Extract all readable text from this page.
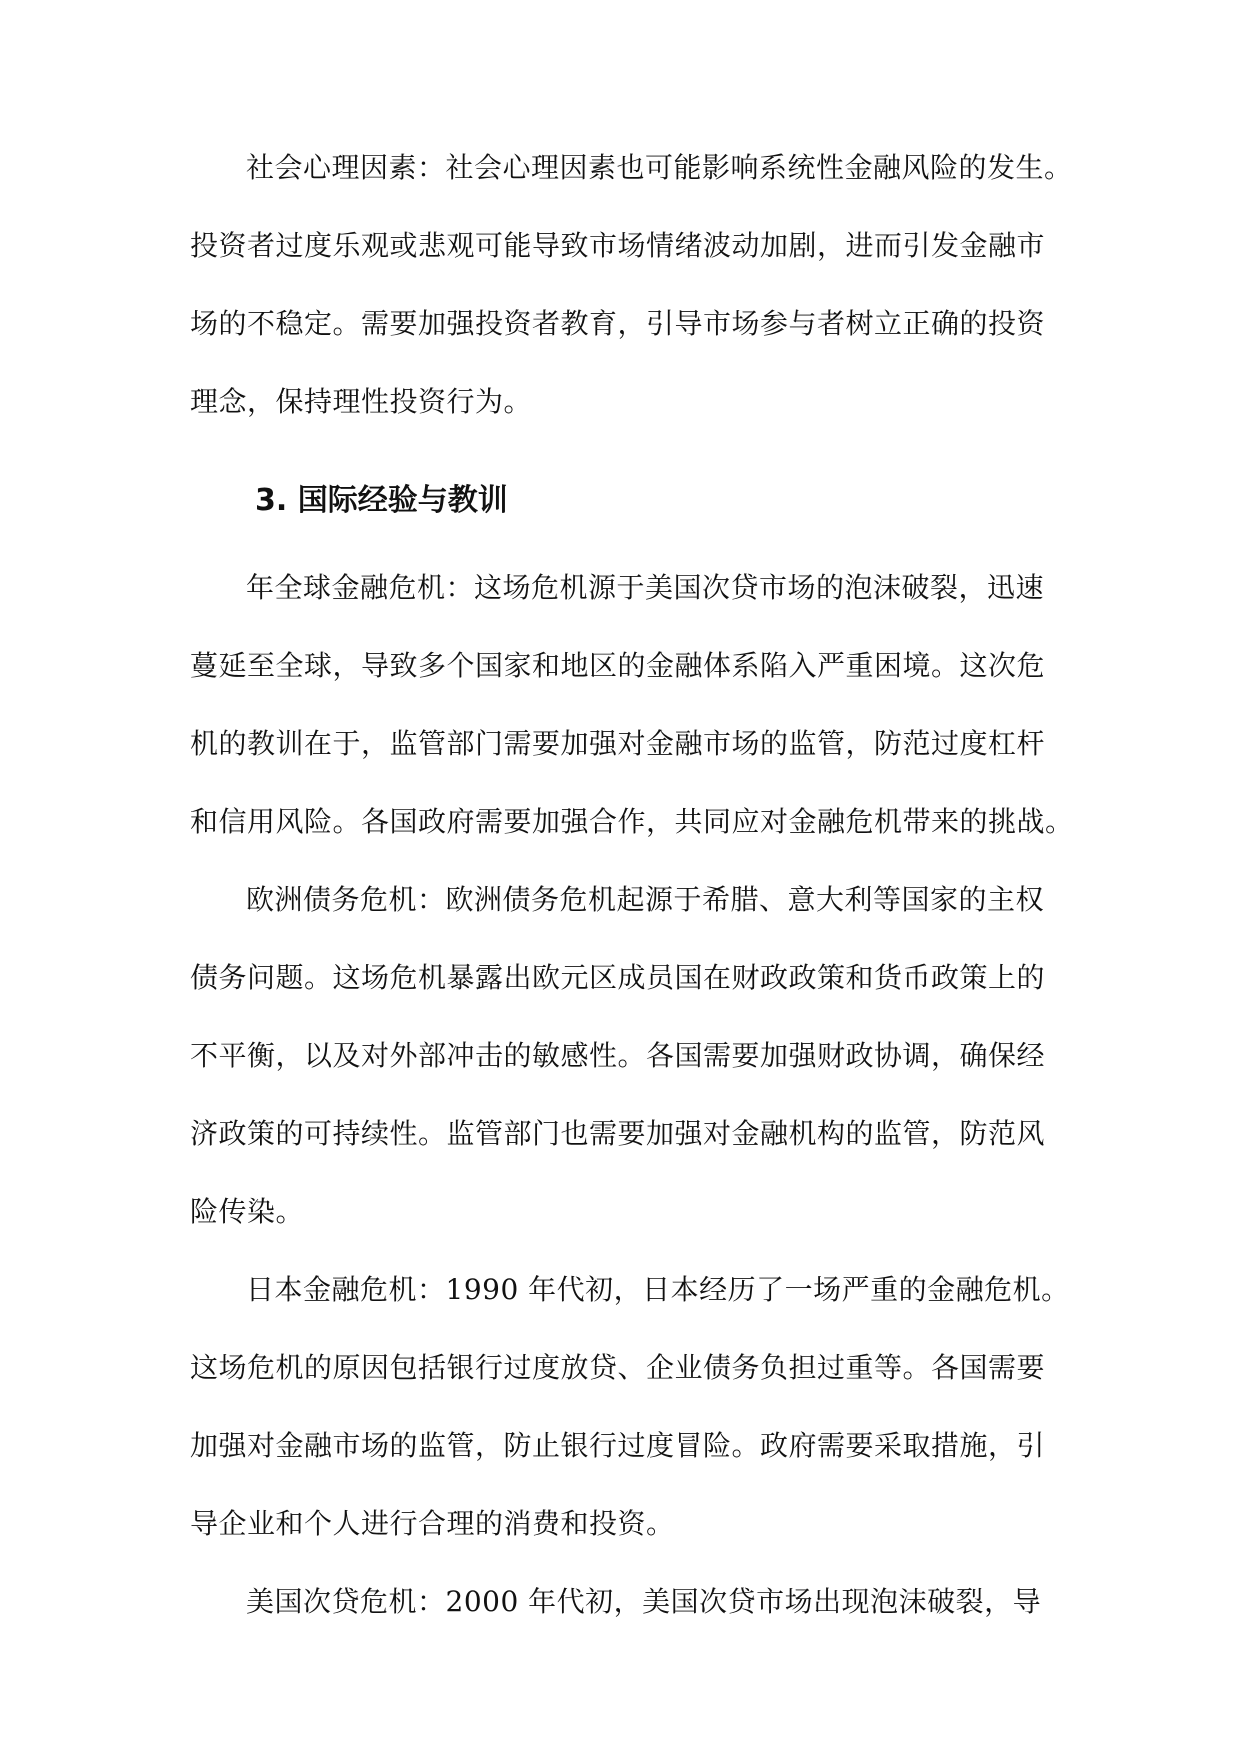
社会心理因素：社会心理因素也可能影响系统性金融风险的发生。
投资者过度乐观或悲观可能导致市场情绪波动加剧，进而引发金融市
场的不稳定。需要加强投资者教育，引导市场参与者树立正确的投资
理念，保持理性投资行为。
3. 国际经验与教训
年全球金融危机：这场危机源于美国次贷市场的泡沫破裂，迅速
蔓延至全球，导致多个国家和地区的金融体系陷入严重困境。这次危
机的教训在于，监管部门需要加强对金融市场的监管，防范过度杠杆
和信用风险。各国政府需要加强合作，共同应对金融危机带来的挑战。
欧洲债务危机：欧洲债务危机起源于希腊、意大利等国家的主权
债务问题。这场危机暴露出欧元区成员国在财政政策和货币政策上的
不平衡，以及对外部冲击的敏感性。各国需要加强财政协调，确保经
济政策的可持续性。监管部门也需要加强对金融机构的监管，防范风
险传染。
日本金融危机：1990 年代初，日本经历了一场严重的金融危机。
这场危机的原因包括银行过度放贷、企业债务负担过重等。各国需要
加强对金融市场的监管，防止银行过度冒险。政府需要采取措施，引
导企业和个人进行合理的消费和投资。
美国次贷危机：2000 年代初，美国次贷市场出现泡沫破裂，导
